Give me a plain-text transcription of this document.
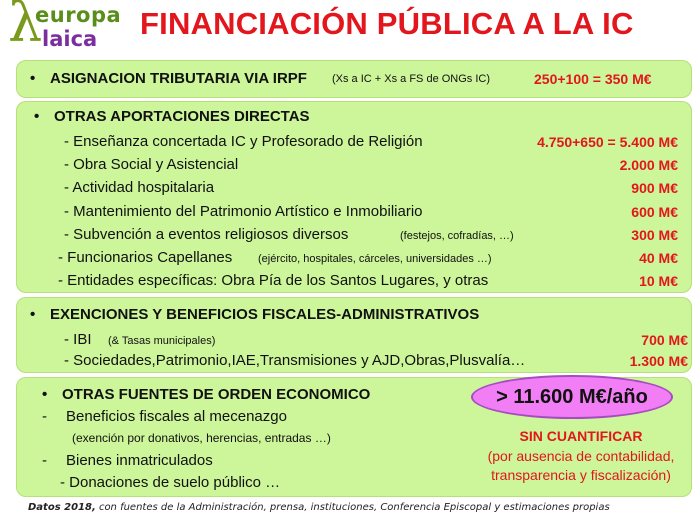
λ
europa
laica FINANCIACIÓN PÚBLICA A LA IC
• ASIGNACION TRIBUTARIA VIA IRPF (Xs a IC + Xs a FS de ONGs IC)	250+100 = 350 M€
• OTRAS APORTACIONES DIRECTAS
- Enseñanza concertada IC y Profesorado de Religión	4.750+650 = 5.400 M€
- Obra Social y Asistencial	2.000 M€
- Actividad hospitalaria	900 M€
- Mantenimiento del Patrimonio Artístico e Inmobiliario	600 M€
- Subvención a eventos religiosos diversos	(festejos, cofradías, …)	300 M€
- Funcionarios Capellanes (ejército, hospitales, cárceles, universidades …)	40 M€
- Entidades específicas: Obra Pía de los Santos Lugares, y otras	10 M€
• EXENCIONES Y BENEFICIOS FISCALES-ADMINISTRATIVOS
- IBI (& Tasas municipales)	700 M€
- Sociedades,Patrimonio,IAE,Transmisiones y AJD,Obras,Plusvalía…	1.300 M€
• OTRAS FUENTES DE ORDEN ECONOMICO
- Beneficios fiscales al mecenazgo
(exención por donativos, herencias, entradas …)
- Bienes inmatriculados
- Donaciones de suelo público …
> 11.600 M€/año
SIN CUANTIFICAR
(por ausencia de contabilidad,
transparencia y fiscalización)
Datos 2018, con fuentes de la Administración, prensa, instituciones, Conferencia Episcopal y estimaciones propias
